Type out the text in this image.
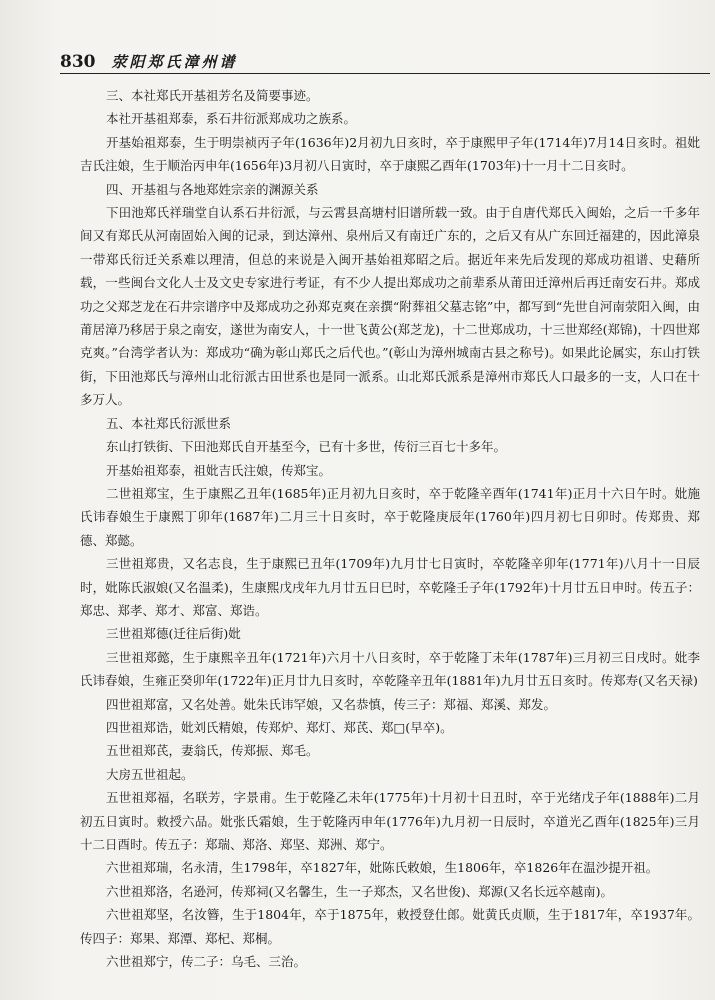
830 荥阳郑氏漳州谱

三、本社郑氏开基祖芳名及简要事迹。

本社开基祖郑泰，系石井衍派郑成功之族系。

开基始祖郑泰，生于明崇祯丙子年(1636年)2月初九日亥时，卒于康熙甲子年(1714年)7月14日亥时。祖妣吉氏注娘，生于顺治丙申年(1656年)3月初八日寅时，卒于康熙乙酉年(1703年)十一月十二日亥时。

四、开基祖与各地郑姓宗亲的渊源关系

下田池郑氏祥瑞堂自认系石井衍派，与云霄县高塘村旧谱所载一致。由于自唐代郑氏入闽始，之后一千多年间又有郑氏从河南固始入闽的记录，到达漳州、泉州后又有南迁广东的，之后又有从广东回迁福建的，因此漳泉一带郑氏衍迁关系难以理清，但总的来说是入闽开基始祖郑昭之后。据近年来先后发现的郑成功祖谱、史藉所载，一些闽台文化人士及文史专家进行考证，有不少人提出郑成功之前辈系从莆田迁漳州后再迁南安石井。郑成功之父郑芝龙在石井宗谱序中及郑成功之孙郑克爽在亲撰“附葬祖父墓志铭”中，都写到“先世自河南荥阳入闽，由莆居漳乃移居于泉之南安，遂世为南安人，十一世飞黄公(郑芝龙)，十二世郑成功，十三世郑经(郑锦)，十四世郑克爽。”台湾学者认为：郑成功“确为彰山郑氏之后代也。”(彰山为漳州城南古县之称号)。如果此论属实，东山打铁街，下田池郑氏与漳州山北衍派古田世系也是同一派系。山北郑氏派系是漳州市郑氏人口最多的一支，人口在十多万人。

五、本社郑氏衍派世系

东山打铁街、下田池郑氏自开基至今，已有十多世，传衍三百七十多年。

开基始祖郑泰，祖妣吉氏注娘，传郑宝。

二世祖郑宝，生于康熙乙丑年(1685年)正月初九日亥时，卒于乾隆辛酉年(1741年)正月十六日午时。妣施氏讳春娘生于康熙丁卯年(1687年)二月三十日亥时，卒于乾隆庚辰年(1760年)四月初七日卯时。传郑贵、郑德、郑懿。

三世祖郑贵，又名志良，生于康熙已丑年(1709年)九月廿七日寅时，卒乾隆辛卯年(1771年)八月十一日辰时，妣陈氏淑娘(又名温柔)，生康熙戊戌年九月廿五日巳时，卒乾隆壬子年(1792年)十月廿五日申时。传五子：郑忠、郑孝、郑才、郑富、郑诰。

三世祖郑德(迁往后街)妣

三世祖郑懿，生于康熙辛丑年(1721年)六月十八日亥时，卒于乾隆丁未年(1787年)三月初三日戌时。妣李氏讳春娘，生雍正癸卯年(1722年)正月廿九日亥时，卒乾隆辛丑年(1881年)九月廿五日亥时。传郑寿(又名天禄)

四世祖郑富，又名处善。妣朱氏讳罕娘，又名恭慎，传三子：郑福、郑溪、郑发。

四世祖郑诰，妣刘氏精娘，传郑炉、郑灯、郑芪、郑□(早卒)。

五世祖郑芪，妻翁氏，传郑振、郑毛。

大房五世祖起。

五世祖郑福，名联芳，字景甫。生于乾隆乙未年(1775年)十月初十日丑时，卒于光绪戊子年(1888年)二月初五日寅时。敕授六品。妣张氏霜娘，生于乾隆丙申年(1776年)九月初一日辰时，卒道光乙酉年(1825年)三月十二日酉时。传五子：郑瑞、郑洛、郑坚、郑洲、郑宁。

六世祖郑瑞，名永清，生1798年，卒1827年，妣陈氏敕娘，生1806年，卒1826年在温沙提开祖。

六世祖郑洛，名逊河，传郑祠(又名馨生，生一子郑杰，又名世俊)、郑源(又名长远卒越南)。

六世祖郑坚，名汝簪，生于1804年，卒于1875年，敕授登仕郎。妣黄氏贞顺，生于1817年，卒1937年。传四子：郑果、郑潭、郑杞、郑桐。

六世祖郑宁，传二子：乌毛、三治。
